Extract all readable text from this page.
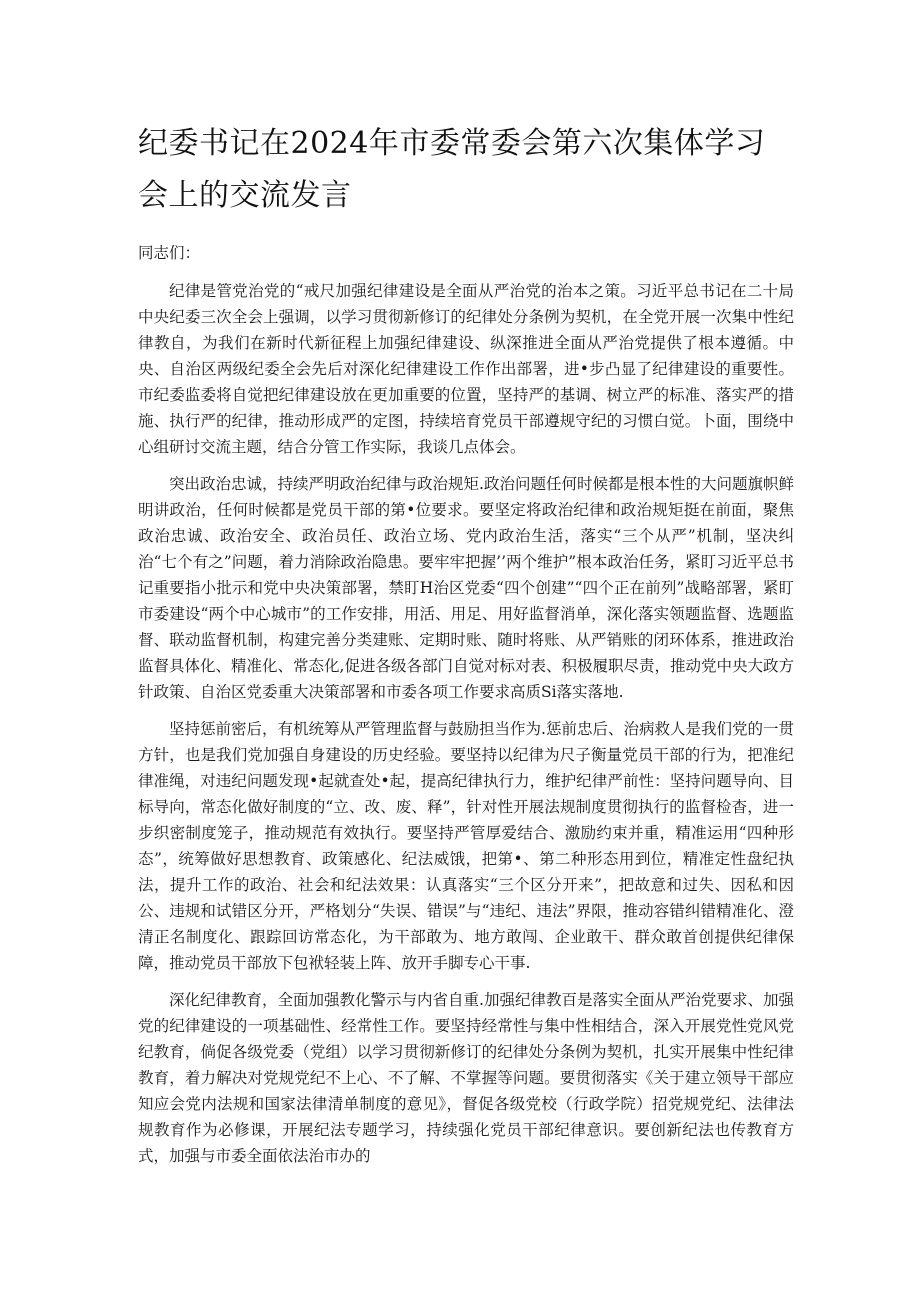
纪委书记在2024年市委常委会第六次集体学习会上的交流发言

同志们：

纪律是管党治党的“戒尺加强纪律建设是全面从严治党的治本之策。习近平总书记在二十局中央纪委三次全会上强调，以学习贯彻新修订的纪律处分条例为契机，在全党开展一次集中性纪律教自，为我们在新时代新征程上加强纪律建设、纵深推进全面从严治党提供了根本遵循。中央、自治区两级纪委全会先后对深化纪律建设工作作出部署，进•步凸显了纪律建设的重要性。市纪委监委将自觉把纪律建设放在更加重要的位置，坚持严的基调、树立严的标准、落实严的措施、执行严的纪律，推动形成严的定图，持续培育党员干部遵规守纪的习惯白觉。卜面，围绕中心组研讨交流主题，结合分管工作实际，我谈几点体会。

突出政治忠诚，持续严明政治纪律与政治规矩.政治问题任何时候都是根本性的大问题旗帜鲜明讲政治，任何时候都是党员干部的第•位要求。要坚定将政治纪律和政治规矩挺在前面，聚焦政治忠诚、政治安全、政治员任、政治立场、党内政治生活，落实“三个从严”机制，坚决纠治“七个有之”问题，着力消除政治隐患。要牢牢把握’’两个维护”根本政治任务，紧盯习近平总书记重要指小批示和党中央决策部署，禁盯H治区党委“四个创建”“四个正在前列”战略部署，紧盯市委建设“两个中心城市”的工作安排，用活、用足、用好监督消单，深化落实领题监督、选题监督、联动监督机制，构建完善分类建账、定期时账、随时将账、从严销账的闭环体系，推进政治监督具体化、精准化、常态化,促进各级各部门自觉对标对表、积极履职尽责，推动党中央大政方针政策、自治区党委重大决策部署和市委各项工作要求高质Si落实落地.

坚持惩前密后，有机统筹从严管理监督与鼓励担当作为.惩前忠后、治病救人是我们党的一贯方针，也是我们党加强自身建设的历史经验。要坚持以纪律为尺子衡量党员干部的行为，把准纪律准绳，对违纪问题发现•起就查处•起，提高纪律执行力，维护纪律严前性：坚持问题导向、目标导向，常态化做好制度的“立、改、废、释”，针对性开展法规制度贯彻执行的监督检杳，进一步织密制度笼子，推动规范有效执行。要坚持严管厚爱结合、激励约束并重，精准运用“四种形态”，统筹做好思想教育、政策感化、纪法威饿，把第•、第二种形态用到位，精准定性盘纪执法，提升工作的政治、社会和纪法效果：认真落实“三个区分开来”，把故意和过失、因私和因公、违规和试错区分开，严格划分“失误、错误”与“违纪、违法”界限，推动容错纠错精准化、澄清正名制度化、跟踪回访常态化，为干部敢为、地方敢闯、企业敢干、群众敢首创提供纪律保障，推动党员干部放下包袱轻装上阵、放开手脚专心干事.

深化纪律教育，全面加强教化警示与内省自重.加强纪律教百是落实全面从严治党要求、加强党的纪律建设的一项基础性、经常性工作。要坚持经常性与集中性相结合，深入开展党性党风党纪教育，倘促各级党委（党组）以学习贯彻新修订的纪律处分条例为契机，扎实开展集中性纪律教育，着力解决对党规党纪不上心、不了解、不掌握等问题。要贯彻落实《关于建立领导干部应知应会党内法规和国家法律清单制度的意见》，督促各级党校（行政学院）招党规党纪、法律法规教育作为必修课，开展纪法专题学习，持续强化党员干部纪律意识。要创新纪法也传教育方式，加强与市委全面依法治市办的
